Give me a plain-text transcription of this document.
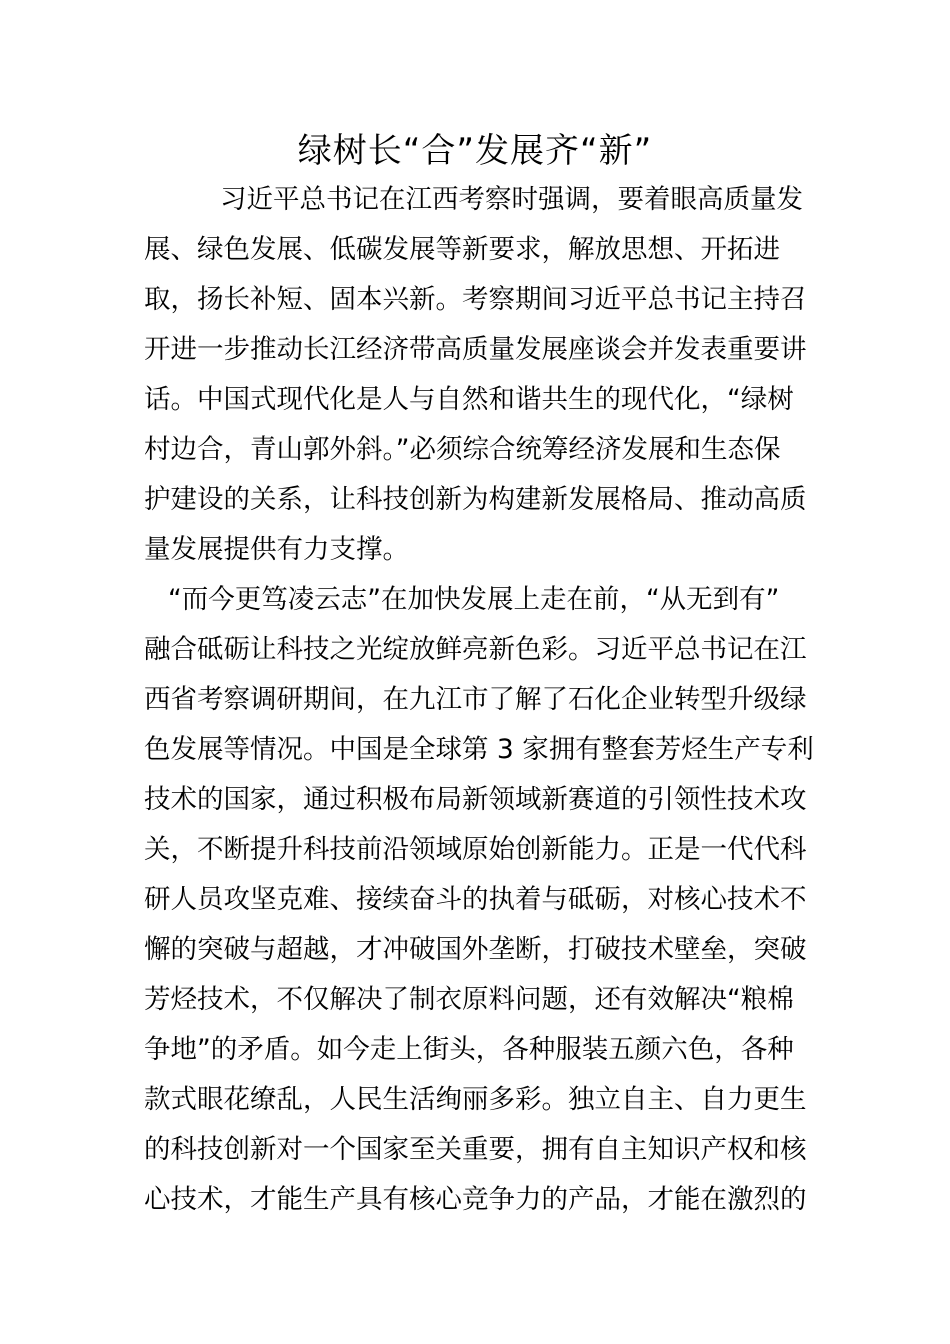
绿树长“合”发展齐“新”
习近平总书记在江西考察时强调，要着眼高质量发
展、绿色发展、低碳发展等新要求，解放思想、开拓进
取，扬长补短、固本兴新。考察期间习近平总书记主持召
开进一步推动长江经济带高质量发展座谈会并发表重要讲
话。中国式现代化是人与自然和谐共生的现代化，“绿树
村边合，青山郭外斜。”必须综合统筹经济发展和生态保
护建设的关系，让科技创新为构建新发展格局、推动高质
量发展提供有力支撑。
“而今更笃凌云志”在加快发展上走在前，“从无到有”
融合砥砺让科技之光绽放鲜亮新色彩。习近平总书记在江
西省考察调研期间，在九江市了解了石化企业转型升级绿
色发展等情况。中国是全球第 3 家拥有整套芳烃生产专利
技术的国家，通过积极布局新领域新赛道的引领性技术攻
关，不断提升科技前沿领域原始创新能力。正是一代代科
研人员攻坚克难、接续奋斗的执着与砥砺，对核心技术不
懈的突破与超越，才冲破国外垄断，打破技术壁垒，突破
芳烃技术，不仅解决了制衣原料问题，还有效解决“粮棉
争地”的矛盾。如今走上街头，各种服装五颜六色，各种
款式眼花缭乱，人民生活绚丽多彩。独立自主、自力更生
的科技创新对一个国家至关重要，拥有自主知识产权和核
心技术，才能生产具有核心竞争力的产品，才能在激烈的
